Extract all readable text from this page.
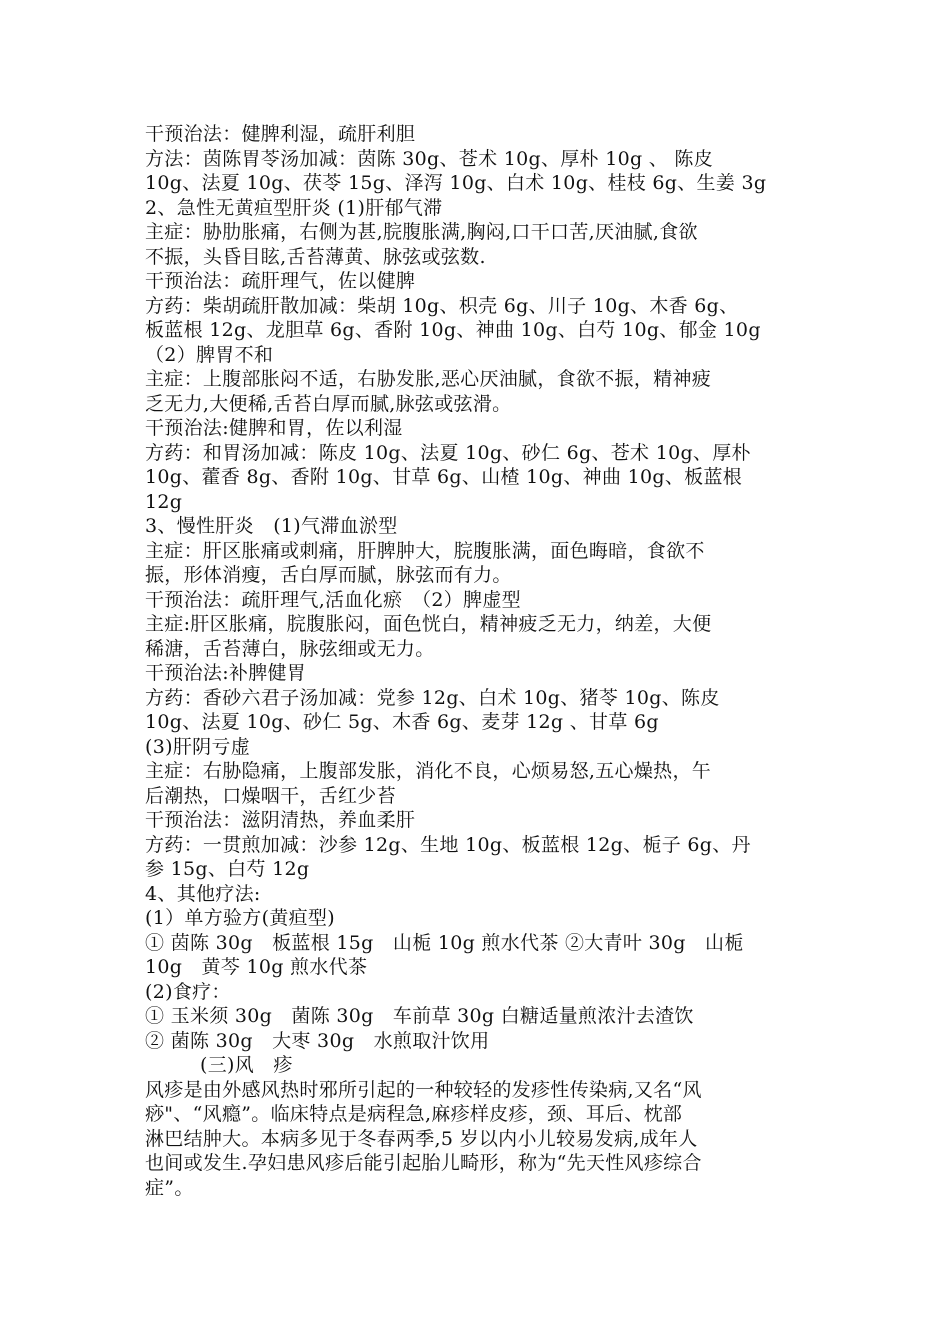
干预治法：健脾利湿，疏肝利胆
方法：茵陈胃苓汤加减：茵陈 30g、苍术 10g、厚朴 10g 、 陈皮
10g、法夏 10g、茯苓 15g、泽泻 10g、白术 10g、桂枝 6g、生姜 3g
2、急性无黄疸型肝炎 (1)肝郁气滞
主症：胁肋胀痛，右侧为甚,脘腹胀满,胸闷,口干口苦,厌油腻,食欲
不振，头昏目眩,舌苔薄黄、脉弦或弦数.
干预治法：疏肝理气，佐以健脾
方药：柴胡疏肝散加减：柴胡 10g、枳壳 6g、川子 10g、木香 6g、
板蓝根 12g、龙胆草 6g、香附 10g、神曲 10g、白芍 10g、郁金 10g
（2）脾胃不和
主症：上腹部胀闷不适，右胁发胀,恶心厌油腻，食欲不振，精神疲
乏无力,大便稀,舌苔白厚而腻,脉弦或弦滑。
干预治法:健脾和胃，佐以利湿
方药：和胃汤加减：陈皮 10g、法夏 10g、砂仁 6g、苍术 10g、厚朴
10g、藿香 8g、香附 10g、甘草 6g、山楂 10g、神曲 10g、板蓝根
12g
3、慢性肝炎　(1)气滞血淤型
主症：肝区胀痛或刺痛，肝脾肿大，脘腹胀满，面色晦暗，食欲不
振，形体消瘦，舌白厚而腻，脉弦而有力。
干预治法：疏肝理气,活血化瘀　（2）脾虚型
主症:肝区胀痛，脘腹胀闷，面色恍白，精神疲乏无力，纳差，大便
稀溏，舌苔薄白，脉弦细或无力。
干预治法:补脾健胃
方药：香砂六君子汤加减：党参 12g、白术 10g、猪苓 10g、陈皮
10g、法夏 10g、砂仁 5g、木香 6g、麦芽 12g 、甘草 6g
(3)肝阴亏虚
主症：右胁隐痛，上腹部发胀，消化不良，心烦易怒,五心燥热，午
后潮热，口燥咽干，舌红少苔
干预治法：滋阴清热，养血柔肝
方药：一贯煎加减：沙参 12g、生地 10g、板蓝根 12g、栀子 6g、丹
参 15g、白芍 12g
4、其他疗法:
(1）单方验方(黄疸型)
① 茵陈 30g　板蓝根 15g　山栀 10g 煎水代茶 ②大青叶 30g　山栀
10g　黄芩 10g 煎水代茶
(2)食疗：
① 玉米须 30g　菌陈 30g　车前草 30g 白糖适量煎浓汁去渣饮
② 菌陈 30g　大枣 30g　水煎取汁饮用
(三)风　疹
风疹是由外感风热时邪所引起的一种较轻的发疹性传染病,又名“风
痧"、“风瘾”。临床特点是病程急,麻疹样皮疹，颈、耳后、枕部
淋巴结肿大。本病多见于冬春两季,5 岁以内小儿较易发病,成年人
也间或发生.孕妇患风疹后能引起胎儿畸形，称为“先天性风疹综合
症”。
